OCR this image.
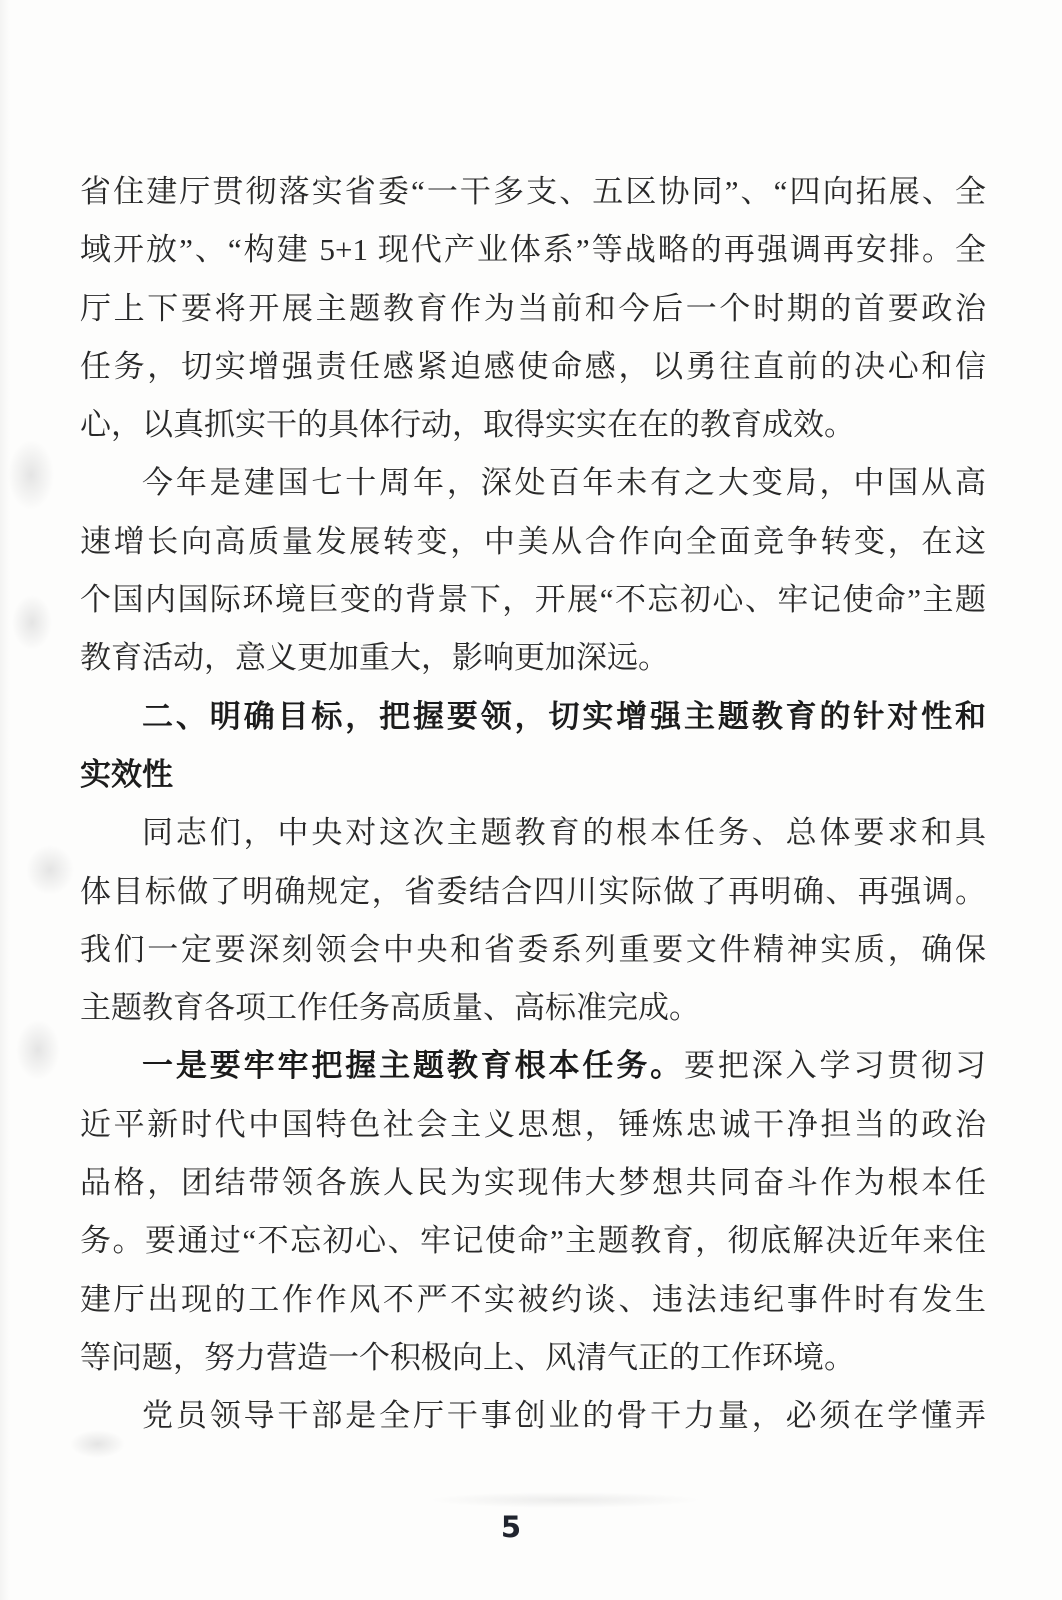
省住建厅贯彻落实省委“一干多支、五区协同”、“四向拓展、全
域开放”、“构建 5+1 现代产业体系”等战略的再强调再安排。全
厅上下要将开展主题教育作为当前和今后一个时期的首要政治
任务，切实增强责任感紧迫感使命感，以勇往直前的决心和信
心，以真抓实干的具体行动，取得实实在在的教育成效。
今年是建国七十周年，深处百年未有之大变局，中国从高
速增长向高质量发展转变，中美从合作向全面竞争转变，在这
个国内国际环境巨变的背景下，开展“不忘初心、牢记使命”主题
教育活动，意义更加重大，影响更加深远。
二、明确目标，把握要领，切实增强主题教育的针对性和
实效性
同志们，中央对这次主题教育的根本任务、总体要求和具
体目标做了明确规定，省委结合四川实际做了再明确、再强调。
我们一定要深刻领会中央和省委系列重要文件精神实质，确保
主题教育各项工作任务高质量、高标准完成。
一是要牢牢把握主题教育根本任务。要把深入学习贯彻习
近平新时代中国特色社会主义思想，锤炼忠诚干净担当的政治
品格，团结带领各族人民为实现伟大梦想共同奋斗作为根本任
务。要通过“不忘初心、牢记使命”主题教育，彻底解决近年来住
建厅出现的工作作风不严不实被约谈、违法违纪事件时有发生
等问题，努力营造一个积极向上、风清气正的工作环境。
党员领导干部是全厅干事创业的骨干力量，必须在学懂弄
5
